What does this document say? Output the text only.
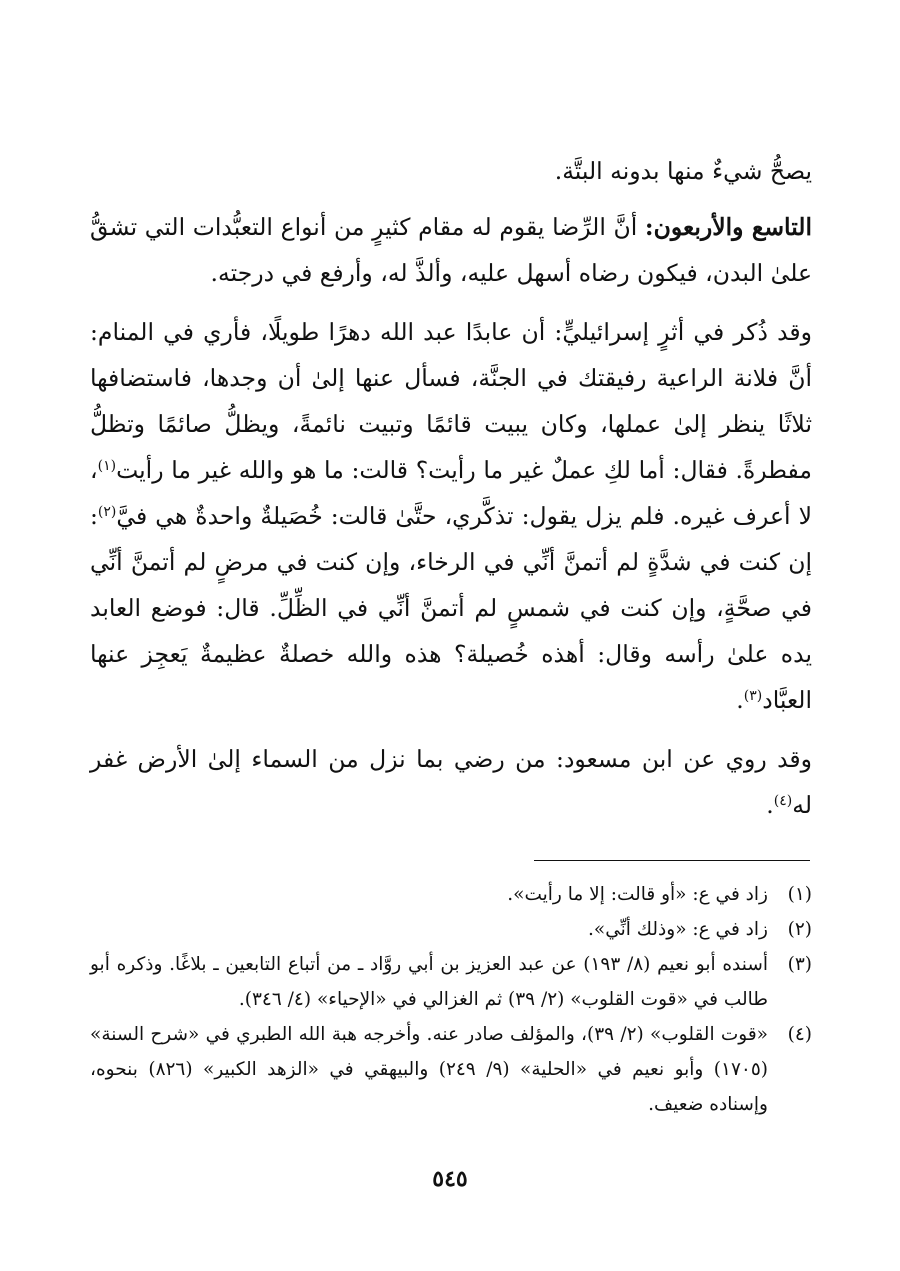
يصحُّ شيءٌ منها بدونه البتَّة.

التاسع والأربعون: أنَّ الرِّضا يقوم له مقام كثيرٍ من أنواع التعبُّدات التي تشقُّ علىٰ البدن، فيكون رضاه أسهل عليه، وألذَّ له، وأرفع في درجته.

وقد ذُكر في أثرٍ إسرائيليٍّ: أن عابدًا عبد الله دهرًا طويلًا، فأري في المنام: أنَّ فلانة الراعية رفيقتك في الجنَّة، فسأل عنها إلىٰ أن وجدها، فاستضافها ثلاثًا ينظر إلىٰ عملها، وكان يبيت قائمًا وتبيت نائمةً، ويظلُّ صائمًا وتظلُّ مفطرةً. فقال: أما لكِ عملٌ غير ما رأيت؟ قالت: ما هو والله غير ما رأيت$^{(١)}$، لا أعرف غيره. فلم يزل يقول: تذكَّري، حتَّىٰ قالت: خُصَيلةٌ واحدةٌ هي فيَّ$^{(٢)}$: إن كنت في شدَّةٍ لم أتمنَّ أنِّي في الرخاء، وإن كنت في مرضٍ لم أتمنَّ أنِّي في صحَّةٍ، وإن كنت في شمسٍ لم أتمنَّ أنِّي في الظِّلِّ. قال: فوضع العابد يده علىٰ رأسه وقال: أهذه خُصيلة؟ هذه والله خصلةٌ عظيمةٌ يَعجِز عنها العبَّاد$^{(٣)}$.

وقد روي عن ابن مسعود: من رضي بما نزل من السماء إلىٰ الأرض غفر له$^{(٤)}$.

(١)
زاد في ع: «أو قالت: إلا ما رأيت».
(٢)
زاد في ع: «وذلك أنِّي».
(٣)
أسنده أبو نعيم (٨/ ١٩٣) عن عبد العزيز بن أبي روَّاد ـ من أتباع التابعين ـ بلاغًا. وذكره أبو طالب في «قوت القلوب» (٢/ ٣٩) ثم الغزالي في «الإحياء» (٤/ ٣٤٦).
(٤)
«قوت القلوب» (٢/ ٣٩)، والمؤلف صادر عنه. وأخرجه هبة الله الطبري في «شرح السنة» (١٧٠٥) وأبو نعيم في «الحلية» (٩/ ٢٤٩) والبيهقي في «الزهد الكبير» (٨٢٦) بنحوه، وإسناده ضعيف.
٥٤٥
